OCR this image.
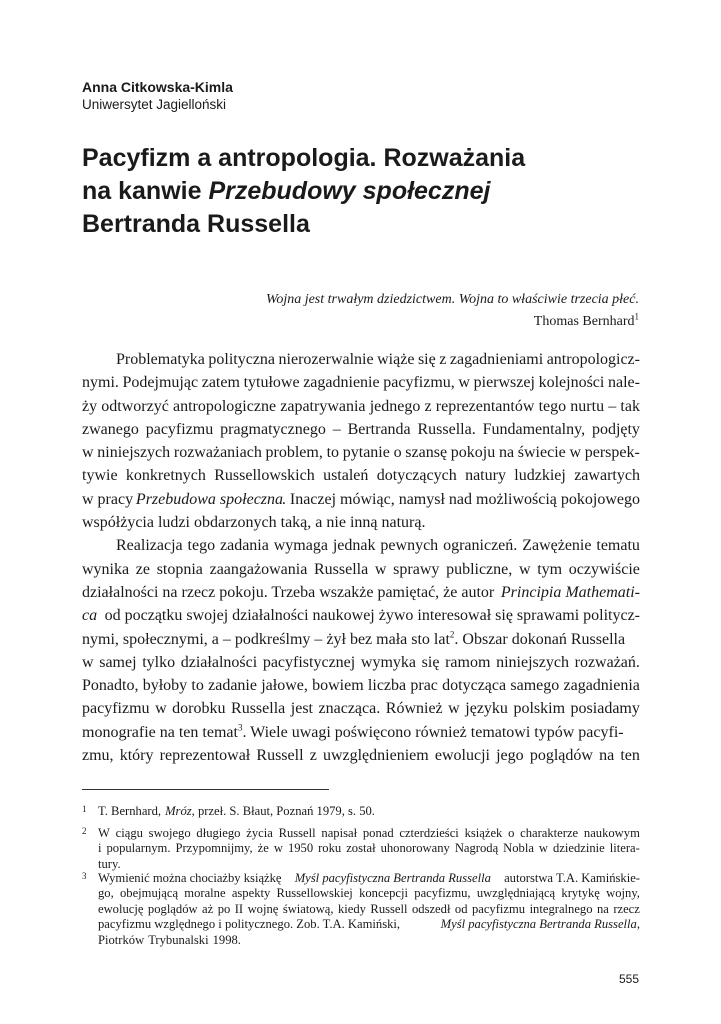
Anna Citkowska-Kimla
Uniwersytet Jagielloński
Pacyfizm a antropologia. Rozważania
na kanwie Przebudowy społecznej
Bertranda Russella
Wojna jest trwałym dziedzictwem. Wojna to właściwie trzecia płeć.
Thomas Bernhard$^1$
Problematyka polityczna nierozerwalnie wiąże się z zagadnieniami antropologicz-
nymi. Podejmując zatem tytułowe zagadnienie pacyfizmu, w pierwszej kolejności nale-
ży odtworzyć antropologiczne zapatrywania jednego z reprezentantów tego nurtu – tak
zwanego pacyfizmu pragmatycznego – Bertranda Russella. Fundamentalny, podjęty
w niniejszych rozważaniach problem, to pytanie o szansę pokoju na świecie w perspek-
tywie konkretnych Russellowskich ustaleń dotyczących natury ludzkiej zawartych
w pracy Przebudowa społeczna
. Inaczej mówiąc, namysł nad możliwością pokojowego
współżycia ludzi obdarzonych taką, a nie inną naturą.
Realizacja tego zadania wymaga jednak pewnych ograniczeń. Zawężenie tematu
wynika ze stopnia zaangażowania Russella w sprawy publiczne, w tym oczywiście
działalności na rzecz pokoju. Trzeba wszakże pamiętać, że autor Principia Mathemati-
ca od początku swojej działalności naukowej żywo interesował się sprawami politycz-
nymi, społecznymi, a – podkreślmy – żył bez mała sto lat$^2$. Obszar dokonań Russella
w samej tylko działalności pacyfistycznej wymyka się ramom niniejszych rozważań.
Ponadto, byłoby to zadanie jałowe, bowiem liczba prac dotycząca samego zagadnienia
pacyfizmu w dorobku Russella jest znacząca. Również w języku polskim posiadamy
monografie na ten temat$^3$. Wiele uwagi poświęcono również tematowi typów pacyfi-
zmu, który reprezentował Russell z uwzględnieniem ewolucji jego poglądów na ten
1 T. Bernhard, Mróz, przeł. S. Błaut, Poznań 1979, s. 50.
2 W ciągu swojego długiego życia Russell napisał ponad czterdzieści książek o charakterze naukowym
i popularnym. Przypomnijmy, że w 1950 roku został uhonorowany Nagrodą Nobla w dziedzinie litera-
tury.
3 Wymienić można chociażby książkę Myśl pacyfistyczna Bertranda Russella autorstwa T.A. Kamińskie-
go, obejmującą moralne aspekty Russellowskiej koncepcji pacyfizmu, uwzględniającą krytykę wojny,
ewolucję poglądów aż po II wojnę światową, kiedy Russell odszedł od pacyfizmu integralnego na rzecz
pacyfizmu względnego i politycznego. Zob. T.A. Kamiński,	Myśl pacyfistyczna Bertranda Russella,
Piotrków Trybunalski 1998.
555
